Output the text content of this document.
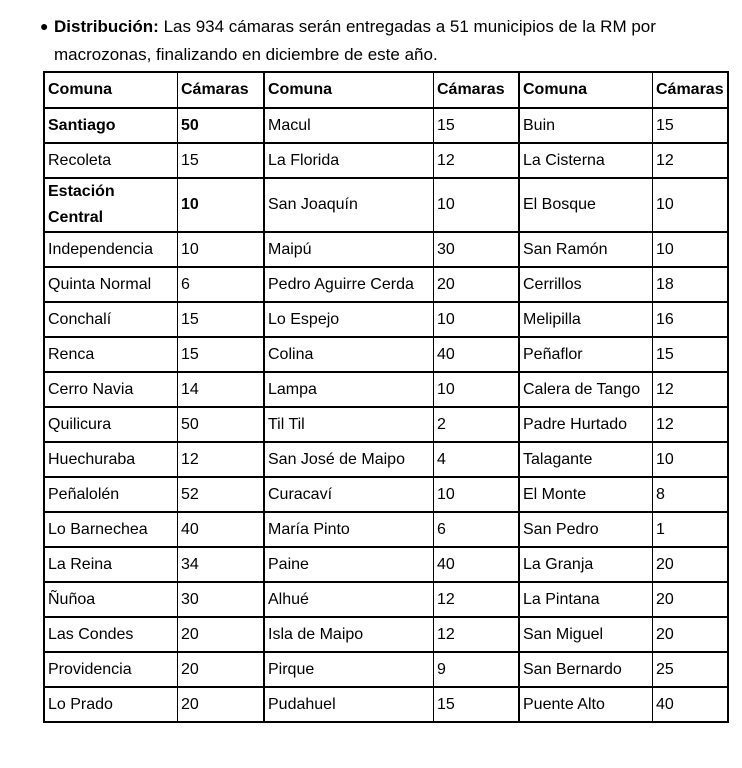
● Distribución: Las 934 cámaras serán entregadas a 51 municipios de la RM por
macrozonas, finalizando en diciembre de este año.
Comuna	Cámaras	Comuna	Cámaras	Comuna	Cámaras
Santiago	50	Macul	15	Buin	15
Recoleta	15	La Florida	12	La Cisterna	12
Estación Central	10	San Joaquín	10	El Bosque	10
Independencia	10	Maipú	30	San Ramón	10
Quinta Normal	6	Pedro Aguirre Cerda	20	Cerrillos	18
Conchalí	15	Lo Espejo	10	Melipilla	16
Renca	15	Colina	40	Peñaflor	15
Cerro Navia	14	Lampa	10	Calera de Tango	12
Quilicura	50	Til Til	2	Padre Hurtado	12
Huechuraba	12	San José de Maipo	4	Talagante	10
Peñalolén	52	Curacaví	10	El Monte	8
Lo Barnechea	40	María Pinto	6	San Pedro	1
La Reina	34	Paine	40	La Granja	20
Ñuñoa	30	Alhué	12	La Pintana	20
Las Condes	20	Isla de Maipo	12	San Miguel	20
Providencia	20	Pirque	9	San Bernardo	25
Lo Prado	20	Pudahuel	15	Puente Alto	40
